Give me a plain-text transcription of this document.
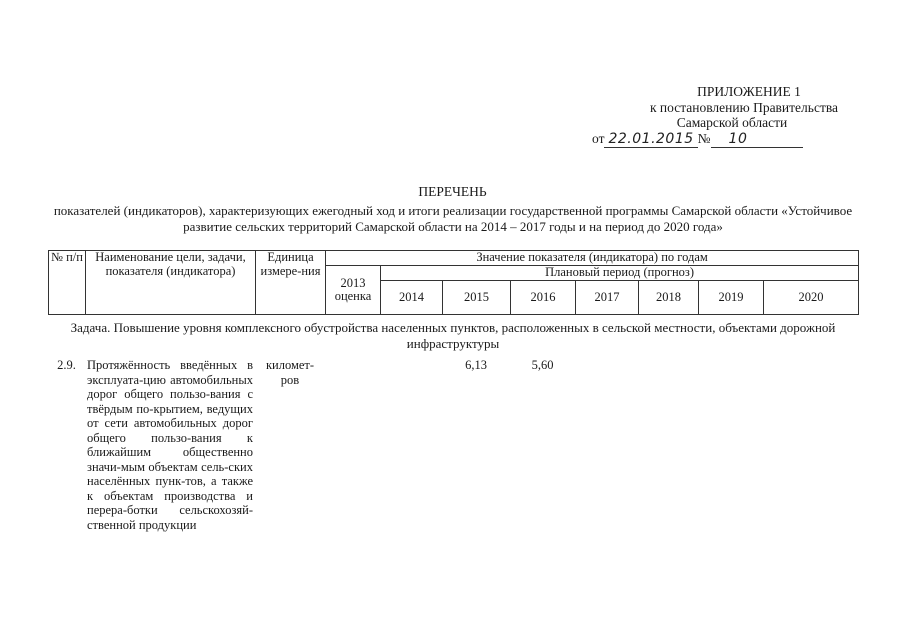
ПРИЛОЖЕНИЕ 1
к постановлению Правительства
Самарской области
от 22.01.2015 № 10
ПЕРЕЧЕНЬ
показателей (индикаторов), характеризующих ежегодный ход и итоги реализации государственной программы Самарской области «Устойчивое развитие сельских территорий Самарской области на 2014 – 2017 годы и на период до 2020 года»
№ п/п	Наименование цели, задачи, показателя (индикатора)	Единица измере-ния	Значение показателя (индикатора) по годам							
			2013 оценка	Плановый период (прогноз)						
				2014	2015	2016	2017	2018	2019	2020
Задача. Повышение уровня комплексного обустройства населенных пунктов, расположенных в сельской местности, объектами дорожной инфраструктуры
2.9.	Протяжённость введённых в эксплуата-цию автомобильных дорог общего пользо-вания с твёрдым по-крытием, ведущих от сети автомобильных дорог общего пользо-вания к ближайшим общественно значи-мым объектам сель-ских населённых пунк-тов, а также к объектам производства и перера-ботки сельскохозяй-ственной продукции	километ-ров			6,13	5,60				
